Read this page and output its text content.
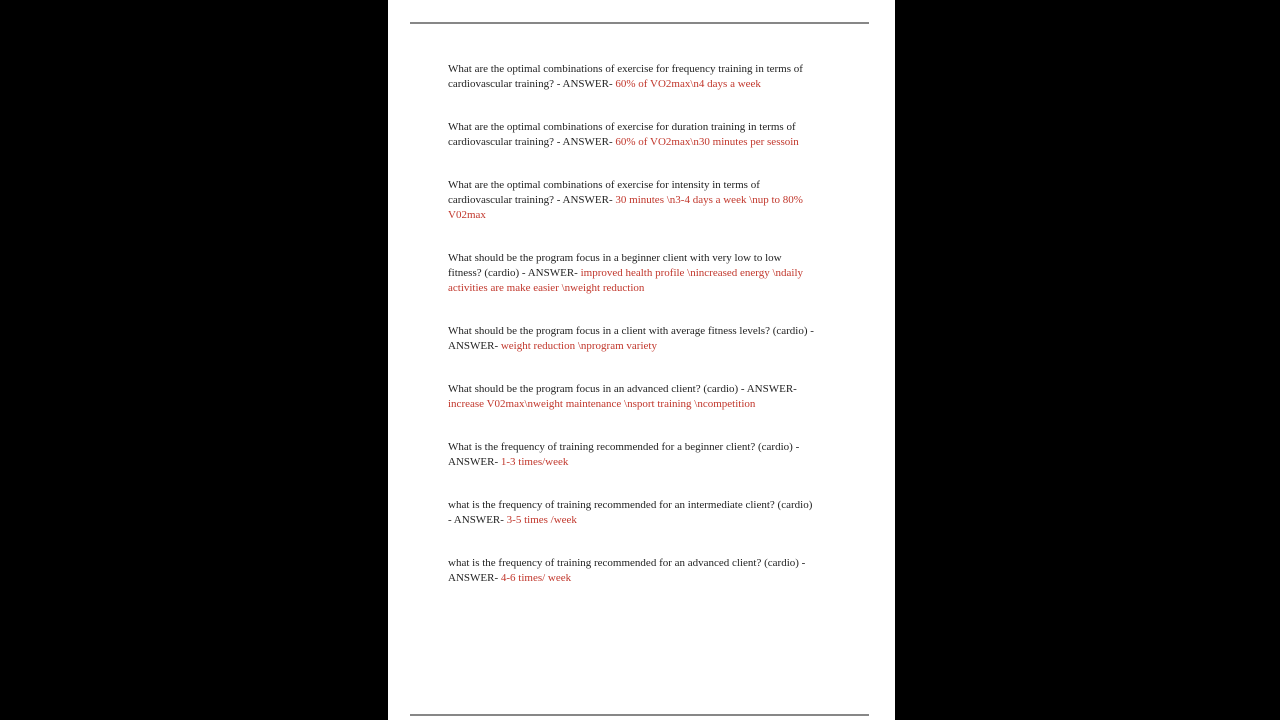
What are the optimal combinations of exercise for frequency training in terms of
cardiovascular training? - ANSWER- 60% of VO2max\n4 days a week
What are the optimal combinations of exercise for duration training in terms of
cardiovascular training? - ANSWER- 60% of VO2max\n30 minutes per sessoin
What are the optimal combinations of exercise for intensity in terms of
cardiovascular training? - ANSWER- 30 minutes \n3-4 days a week \nup to 80%
V02max
What should be the program focus in a beginner client with very low to low
fitness? (cardio) - ANSWER- improved health profile \nincreased energy \ndaily
activities are make easier \nweight reduction
What should be the program focus in a client with average fitness levels? (cardio) -
ANSWER- weight reduction \nprogram variety
What should be the program focus in an advanced client? (cardio) - ANSWER-
increase V02max\nweight maintenance \nsport training \ncompetition
What is the frequency of training recommended for a beginner client? (cardio) -
ANSWER- 1-3 times/week
what is the frequency of training recommended for an intermediate client? (cardio)
- ANSWER- 3-5 times /week
what is the frequency of training recommended for an advanced client? (cardio) -
ANSWER- 4-6 times/ week
